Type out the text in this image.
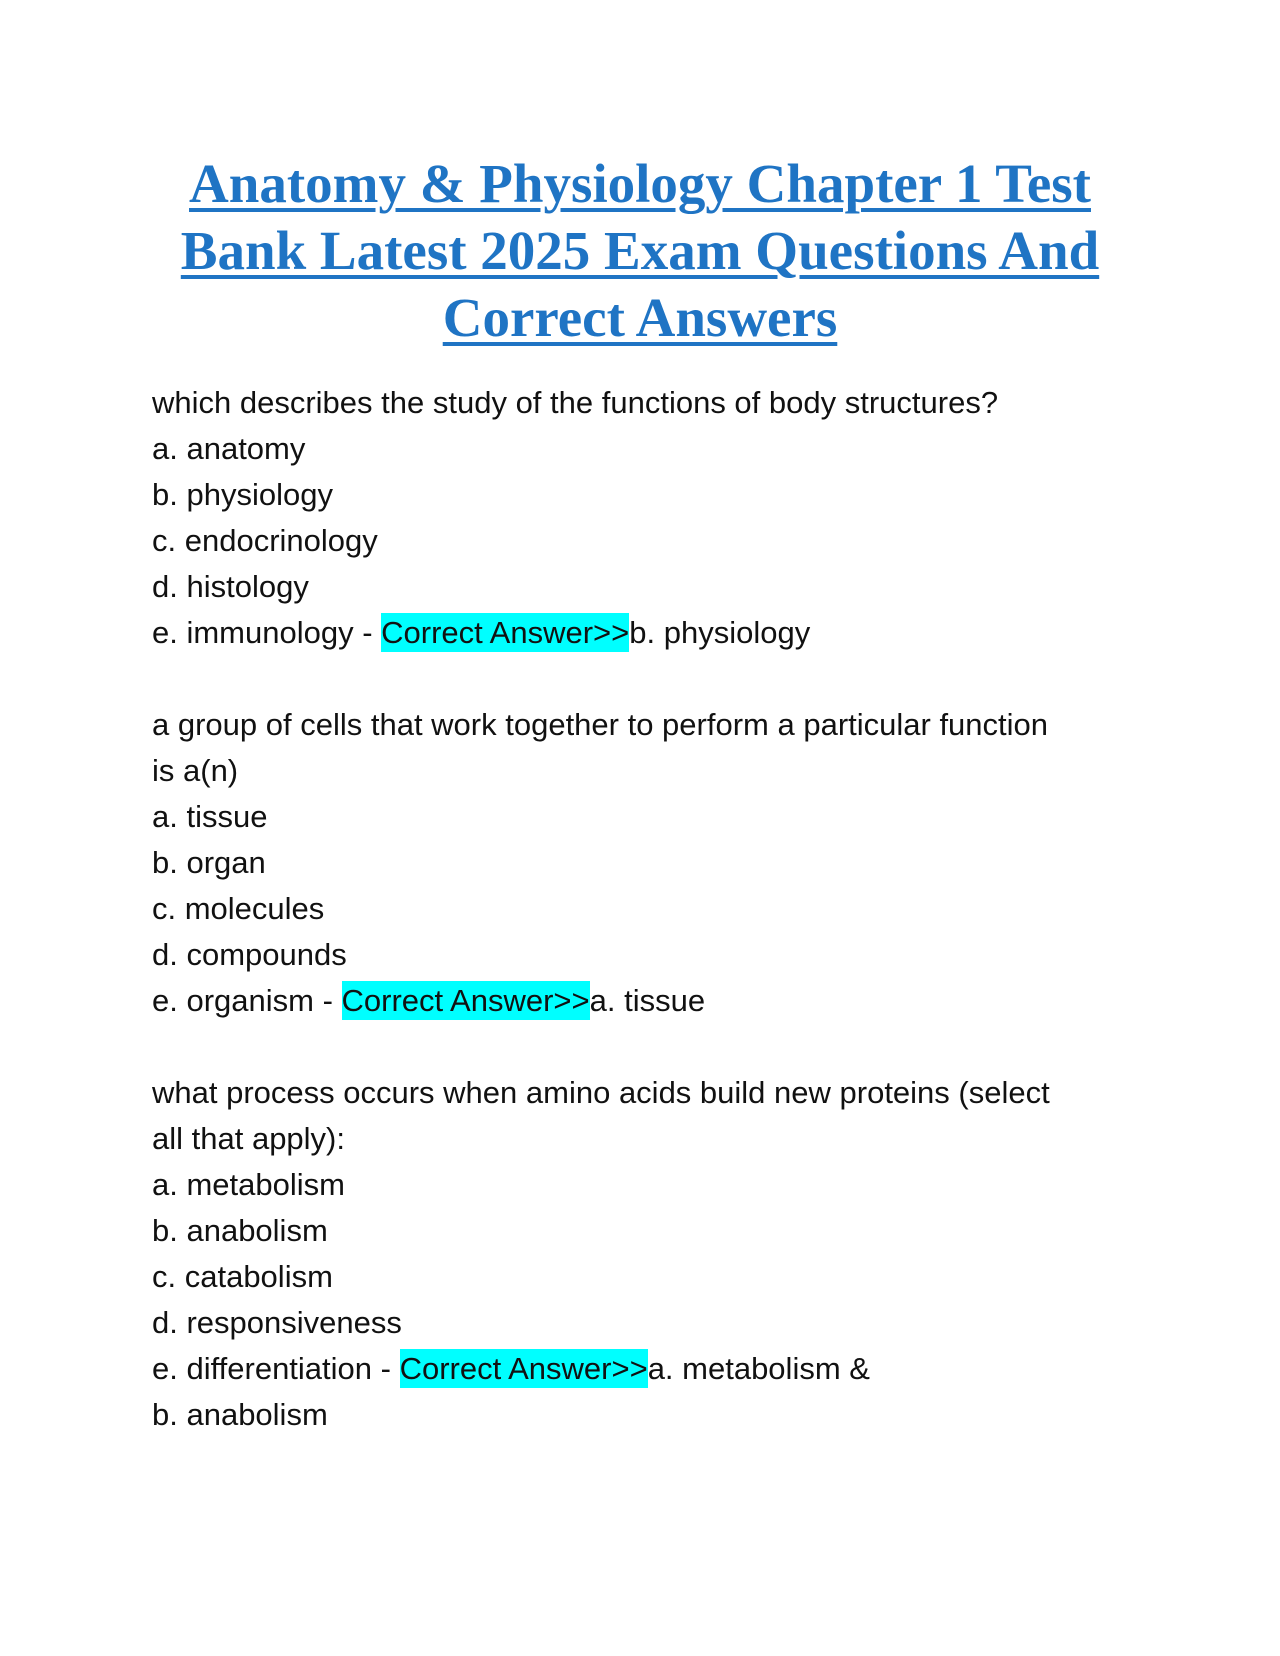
Anatomy & Physiology Chapter 1 Test Bank Latest 2025 Exam Questions And Correct Answers
which describes the study of the functions of body structures?
a. anatomy
b. physiology
c. endocrinology
d. histology
e. immunology - Correct Answer>>b. physiology
a group of cells that work together to perform a particular function is a(n)
a. tissue
b. organ
c. molecules
d. compounds
e. organism - Correct Answer>>a. tissue
what process occurs when amino acids build new proteins (select all that apply):
a. metabolism
b. anabolism
c. catabolism
d. responsiveness
e. differentiation - Correct Answer>>a. metabolism &
b. anabolism
